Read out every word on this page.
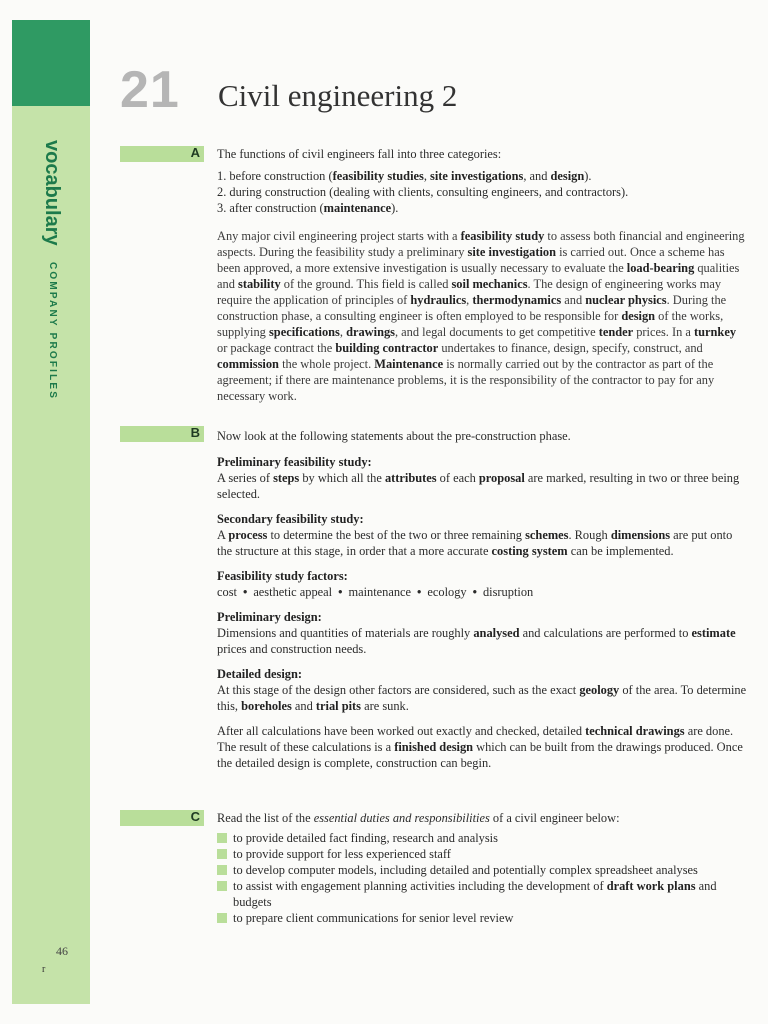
vocabulary COMPANY PROFILES
46
r
21 Civil engineering 2
A The functions of civil engineers fall into three categories:

1. before construction (feasibility studies, site investigations, and design).
2. during construction (dealing with clients, consulting engineers, and contractors).
3. after construction (maintenance).

Any major civil engineering project starts with a feasibility study to assess both financial and engineering aspects. During the feasibility study a preliminary site investigation is carried out. Once a scheme has been approved, a more extensive investigation is usually necessary to evaluate the load-bearing qualities and stability of the ground. This field is called soil mechanics. The design of engineering works may require the application of principles of hydraulics, thermodynamics and nuclear physics. During the construction phase, a consulting engineer is often employed to be responsible for design of the works, supplying specifications, drawings, and legal documents to get competitive tender prices. In a turnkey or package contract the building contractor undertakes to finance, design, specify, construct, and commission the whole project. Maintenance is normally carried out by the contractor as part of the agreement; if there are maintenance problems, it is the responsibility of the contractor to pay for any necessary work.

B Now look at the following statements about the pre-construction phase.

Preliminary feasibility study:
A series of steps by which all the attributes of each proposal are marked, resulting in two or three being selected.
Secondary feasibility study:
A process to determine the best of the two or three remaining schemes. Rough dimensions are put onto the structure at this stage, in order that a more accurate costing system can be implemented.
Feasibility study factors:
cost • aesthetic appeal • maintenance • ecology • disruption
Preliminary design:
Dimensions and quantities of materials are roughly analysed and calculations are performed to estimate prices and construction needs.
Detailed design:
At this stage of the design other factors are considered, such as the exact geology of the area. To determine this, boreholes and trial pits are sunk.

After all calculations have been worked out exactly and checked, detailed technical drawings are done. The result of these calculations is a finished design which can be built from the drawings produced. Once the detailed design is complete, construction can begin.

C Read the list of the essential duties and responsibilities of a civil engineer below:

to provide detailed fact finding, research and analysis
to provide support for less experienced staff
to develop computer models, including detailed and potentially complex spreadsheet analyses
to assist with engagement planning activities including the development of draft work plans and budgets
to prepare client communications for senior level review
